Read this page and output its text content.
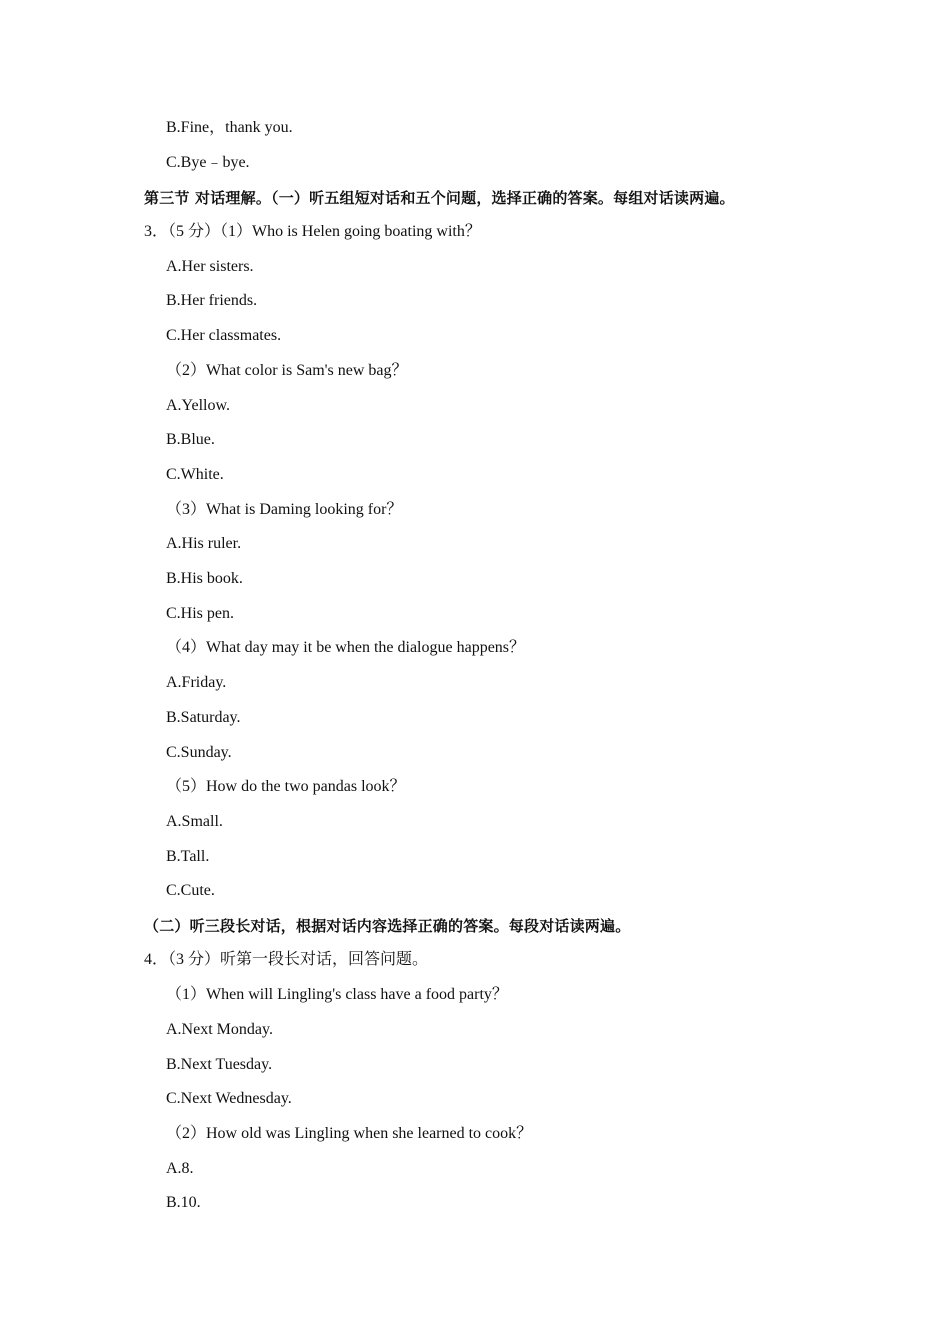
B.Fine，thank you.
C.Bye﹣bye.
第三节 对话理解。（一）听五组短对话和五个问题，选择正确的答案。每组对话读两遍。
3．（5 分）（1）Who is Helen going boating with？
A.Her sisters.
B.Her friends.
C.Her classmates.
（2）What color is Sam's new bag？
A.Yellow.
B.Blue.
C.White.
（3）What is Daming looking for？
A.His ruler.
B.His book.
C.His pen.
（4）What day may it be when the dialogue happens？
A.Friday.
B.Saturday.
C.Sunday.
（5）How do the two pandas look？
A.Small.
B.Tall.
C.Cute.
（二）听三段长对话，根据对话内容选择正确的答案。每段对话读两遍。
4．（3 分）听第一段长对话，回答问题。
（1）When will Lingling's class have a food party？
A.Next Monday.
B.Next Tuesday.
C.Next Wednesday.
（2）How old was Lingling when she learned to cook？
A.8.
B.10.
